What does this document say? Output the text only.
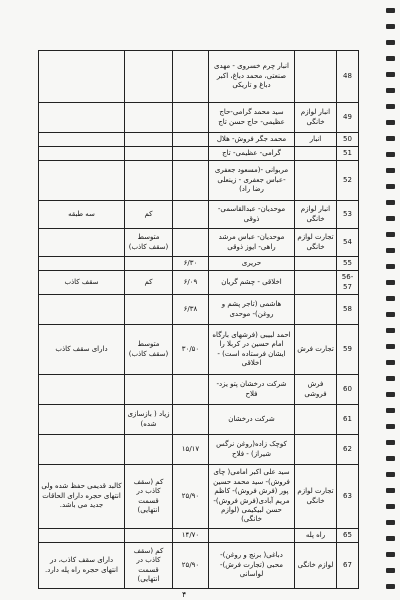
48		انبار چرم خسروی - مهدی صنعتی، محمد دباغ، اکبر دباغ و تاریکی			
49	انبار لوازم خانگی	سید محمد گرامی-حاج عظیمی- حاج حسن تاج			
50	انبار	محمد جگر فروش- هلال			
51		گرامی- عظیمی- تاج			
52		مربوانی -(مسعود جعفری -عباس جعفری - زینعلی رضا راد)			
53	انبار لوازم خانگی	موحدیان- عبدالقاسمی- ذوقی		کم	سه طبقه
54	تجارت لوازم خانگی	موحدیان- عباس مرشد راهی- ایوز ذوقی		متوسط (سقف کاذب)	
55		حریری	۶/۳۰		
56-57		اخلاقی - چشم گریان	۶/۰۹	کم	سقف کاذب
58		هاشمی (تاجر پشم و روغن)- موحدی	۶/۳۸		
59	تجارت فرش	احمد لبیبی (فرشهای بارگاه امام حسین در کربلا را ایشان فرستاده است) - اخلاقی	۳۰/۵۰	متوسط (سقف کاذب)	دارای سقف کاذب
60	فرش فروشی	شرکت درخشان پتو یزد- فلاح			
61		شرکت درخشان		زیاد ( بازسازی شده)	
62		کوچک زاده(روغن نرگس شیراز) - فلاح	۱۵/۱۷		
63	تجارت لوازم خانگی	سید علی اکبر امامی( چای فروش)- سید محمد حسین پور (فرش فروش)- کاظم مریم آبادی(فرش فروش)- حسن لبیکیمی (لوازم خانگی)	۲۵/۹۰	کم (سقف کاذب در قسمت انتهایی)	کالبد قدیمی حفظ شده ولی انتهای حجره دارای الحاقات جدید می باشد.
65	راه پله		۱۴/۷۰		
67	لوازم خانگی	دباغی( برنج و روغن)- محبی (تجارت فرش)- لواسانی	۲۵/۹۰	کم (سقف کاذب در قسمت انتهایی)	دارای سقف کاذب، در انتهای حجره راه پله دارد.
۴
